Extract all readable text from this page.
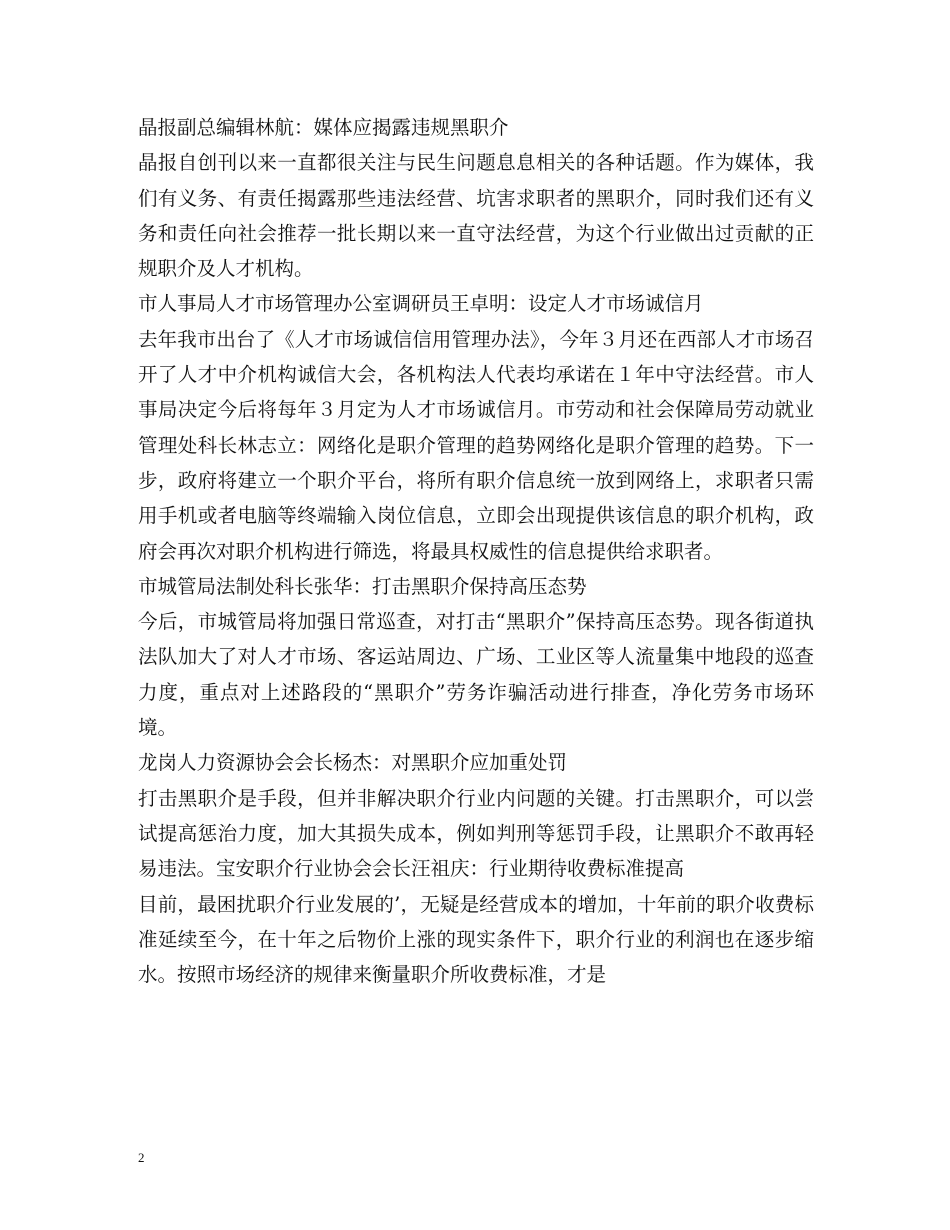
晶报副总编辑林航：媒体应揭露违规黑职介

晶报自创刊以来一直都很关注与民生问题息息相关的各种话题。作为媒体，我们有义务、有责任揭露那些违法经营、坑害求职者的黑职介，同时我们还有义务和责任向社会推荐一批长期以来一直守法经营，为这个行业做出过贡献的正规职介及人才机构。

市人事局人才市场管理办公室调研员王卓明：设定人才市场诚信月

去年我市出台了《人才市场诚信信用管理办法》，今年３月还在西部人才市场召开了人才中介机构诚信大会，各机构法人代表均承诺在１年中守法经营。市人事局决定今后将每年３月定为人才市场诚信月。市劳动和社会保障局劳动就业管理处科长林志立：网络化是职介管理的趋势网络化是职介管理的趋势。下一步，政府将建立一个职介平台，将所有职介信息统一放到网络上，求职者只需用手机或者电脑等终端输入岗位信息，立即会出现提供该信息的职介机构，政府会再次对职介机构进行筛选，将最具权威性的信息提供给求职者。

市城管局法制处科长张华：打击黑职介保持高压态势

今后，市城管局将加强日常巡查，对打击“黑职介”保持高压态势。现各街道执法队加大了对人才市场、客运站周边、广场、工业区等人流量集中地段的巡查力度，重点对上述路段的“黑职介”劳务诈骗活动进行排查，净化劳务市场环境。

龙岗人力资源协会会长杨杰：对黑职介应加重处罚

打击黑职介是手段，但并非解决职介行业内问题的关键。打击黑职介，可以尝试提高惩治力度，加大其损失成本，例如判刑等惩罚手段，让黑职介不敢再轻易违法。宝安职介行业协会会长汪祖庆：行业期待收费标准提高

目前，最困扰职介行业发展的’，无疑是经营成本的增加，十年前的职介收费标准延续至今，在十年之后物价上涨的现实条件下，职介行业的利润也在逐步缩水。按照市场经济的规律来衡量职介所收费标准，才是

2
